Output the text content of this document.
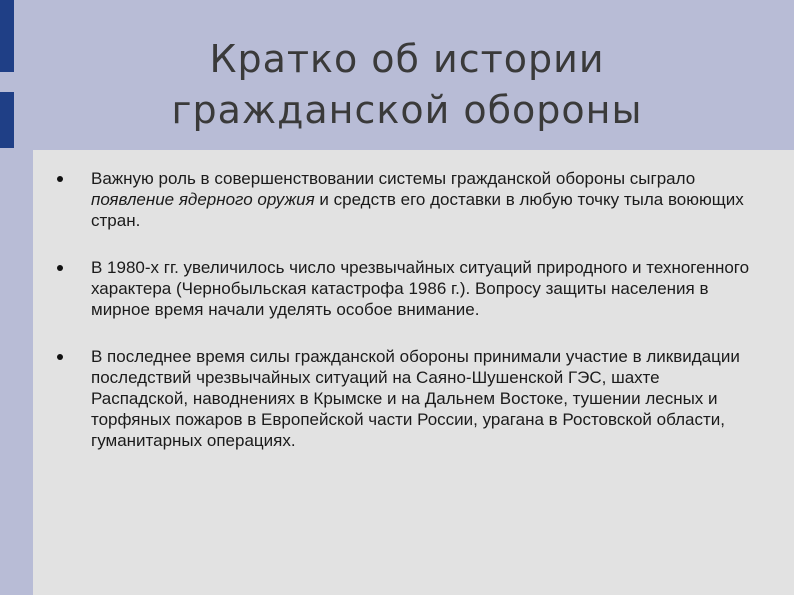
Кратко об истории
гражданской обороны
Важную роль в совершенствовании системы гражданской обороны сыграло появление ядерного оружия и средств его доставки в любую точку тыла воюющих стран.
В 1980-х гг. увеличилось число чрезвычайных ситуаций природного и техногенного характера (Чернобыльская катастрофа 1986 г.). Вопросу защиты населения в мирное время начали уделять особое внимание.
В последнее время силы гражданской обороны принимали участие в ликвидации последствий чрезвычайных ситуаций на Саяно-Шушенской ГЭС, шахте Распадской, наводнениях в Крымске и на Дальнем Востоке, тушении лесных и торфяных пожаров в Европейской части России, урагана в Ростовской области, гуманитарных операциях.
